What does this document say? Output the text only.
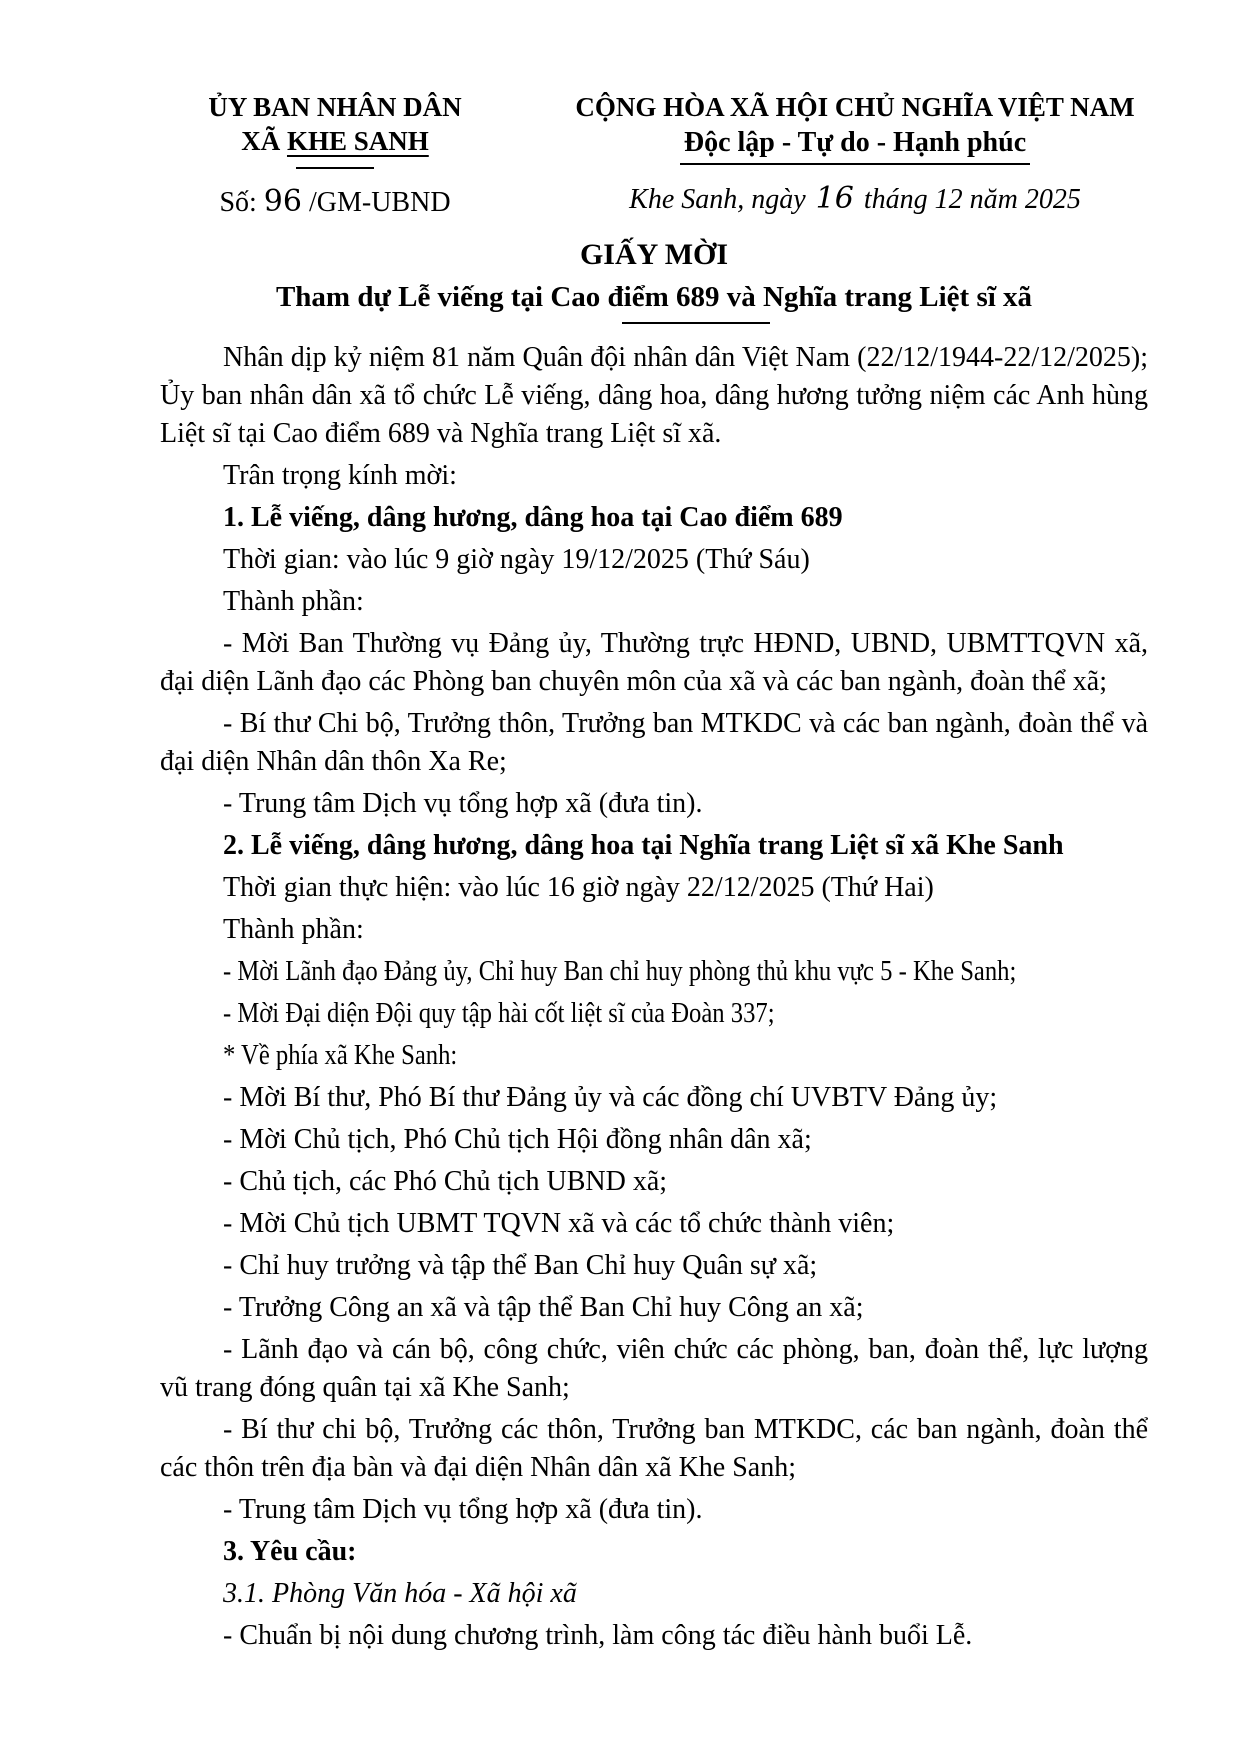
ỦY BAN NHÂN DÂN
XÃ KHE SANH
Số: 96 /GM-UBND
CỘNG HÒA XÃ HỘI CHỦ NGHĨA VIỆT NAM
Độc lập - Tự do - Hạnh phúc
Khe Sanh, ngày 16 tháng 12 năm 2025
GIẤY MỜI
Tham dự Lễ viếng tại Cao điểm 689 và Nghĩa trang Liệt sĩ xã

Nhân dịp kỷ niệm 81 năm Quân đội nhân dân Việt Nam (22/12/1944-22/12/2025); Ủy ban nhân dân xã tổ chức Lễ viếng, dâng hoa, dâng hương tưởng niệm các Anh hùng Liệt sĩ tại Cao điểm 689 và Nghĩa trang Liệt sĩ xã.

Trân trọng kính mời:

1. Lễ viếng, dâng hương, dâng hoa tại Cao điểm 689

Thời gian: vào lúc 9 giờ ngày 19/12/2025 (Thứ Sáu)

Thành phần:

- Mời Ban Thường vụ Đảng ủy, Thường trực HĐND, UBND, UBMTTQVN xã, đại diện Lãnh đạo các Phòng ban chuyên môn của xã và các ban ngành, đoàn thể xã;

- Bí thư Chi bộ, Trưởng thôn, Trưởng ban MTKDC và các ban ngành, đoàn thể và đại diện Nhân dân thôn Xa Re;

- Trung tâm Dịch vụ tổng hợp xã (đưa tin).

2. Lễ viếng, dâng hương, dâng hoa tại Nghĩa trang Liệt sĩ xã Khe Sanh

Thời gian thực hiện: vào lúc 16 giờ ngày 22/12/2025 (Thứ Hai)

Thành phần:

- Mời Lãnh đạo Đảng ủy, Chỉ huy Ban chỉ huy phòng thủ khu vực 5 - Khe Sanh;

- Mời Đại diện Đội quy tập hài cốt liệt sĩ của Đoàn 337;

* Về phía xã Khe Sanh:

- Mời Bí thư, Phó Bí thư Đảng ủy và các đồng chí UVBTV Đảng ủy;

- Mời Chủ tịch, Phó Chủ tịch Hội đồng nhân dân xã;

- Chủ tịch, các Phó Chủ tịch UBND xã;

- Mời Chủ tịch UBMT TQVN xã và các tổ chức thành viên;

- Chỉ huy trưởng và tập thể Ban Chỉ huy Quân sự xã;

- Trưởng Công an xã và tập thể Ban Chỉ huy Công an xã;

- Lãnh đạo và cán bộ, công chức, viên chức các phòng, ban, đoàn thể, lực lượng vũ trang đóng quân tại xã Khe Sanh;

- Bí thư chi bộ, Trưởng các thôn, Trưởng ban MTKDC, các ban ngành, đoàn thể các thôn trên địa bàn và đại diện Nhân dân xã Khe Sanh;

- Trung tâm Dịch vụ tổng hợp xã (đưa tin).

3. Yêu cầu:

3.1. Phòng Văn hóa - Xã hội xã

- Chuẩn bị nội dung chương trình, làm công tác điều hành buổi Lễ.
